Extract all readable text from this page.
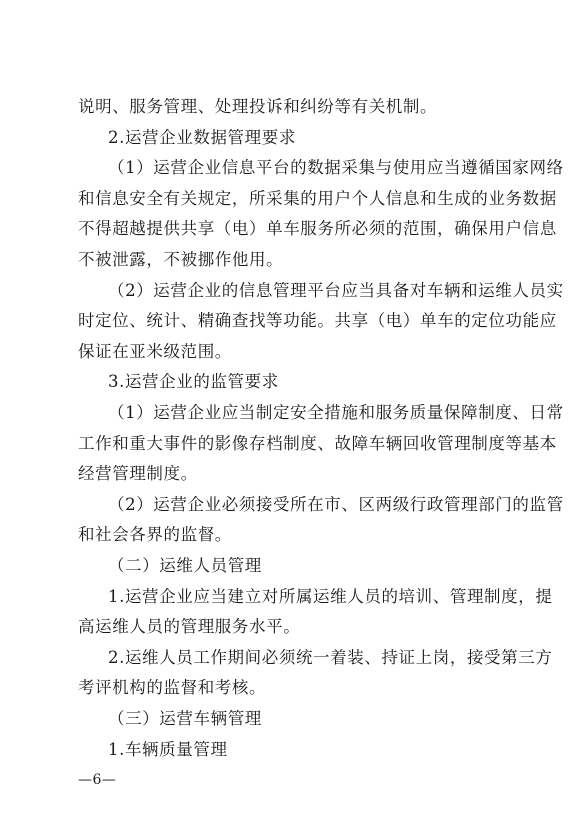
说明、服务管理、处理投诉和纠纷等有关机制。
2.运营企业数据管理要求
（1）运营企业信息平台的数据采集与使用应当遵循国家网络
和信息安全有关规定，所采集的用户个人信息和生成的业务数据
不得超越提供共享（电）单车服务所必须的范围，确保用户信息
不被泄露，不被挪作他用。
（2）运营企业的信息管理平台应当具备对车辆和运维人员实
时定位、统计、精确查找等功能。共享（电）单车的定位功能应
保证在亚米级范围。
3.运营企业的监管要求
（1）运营企业应当制定安全措施和服务质量保障制度、日常
工作和重大事件的影像存档制度、故障车辆回收管理制度等基本
经营管理制度。
（2）运营企业必须接受所在市、区两级行政管理部门的监管
和社会各界的监督。
（二）运维人员管理
1.运营企业应当建立对所属运维人员的培训、管理制度，提
高运维人员的管理服务水平。
2.运维人员工作期间必须统一着装、持证上岗，接受第三方
考评机构的监督和考核。
（三）运营车辆管理
1.车辆质量管理
—6—
